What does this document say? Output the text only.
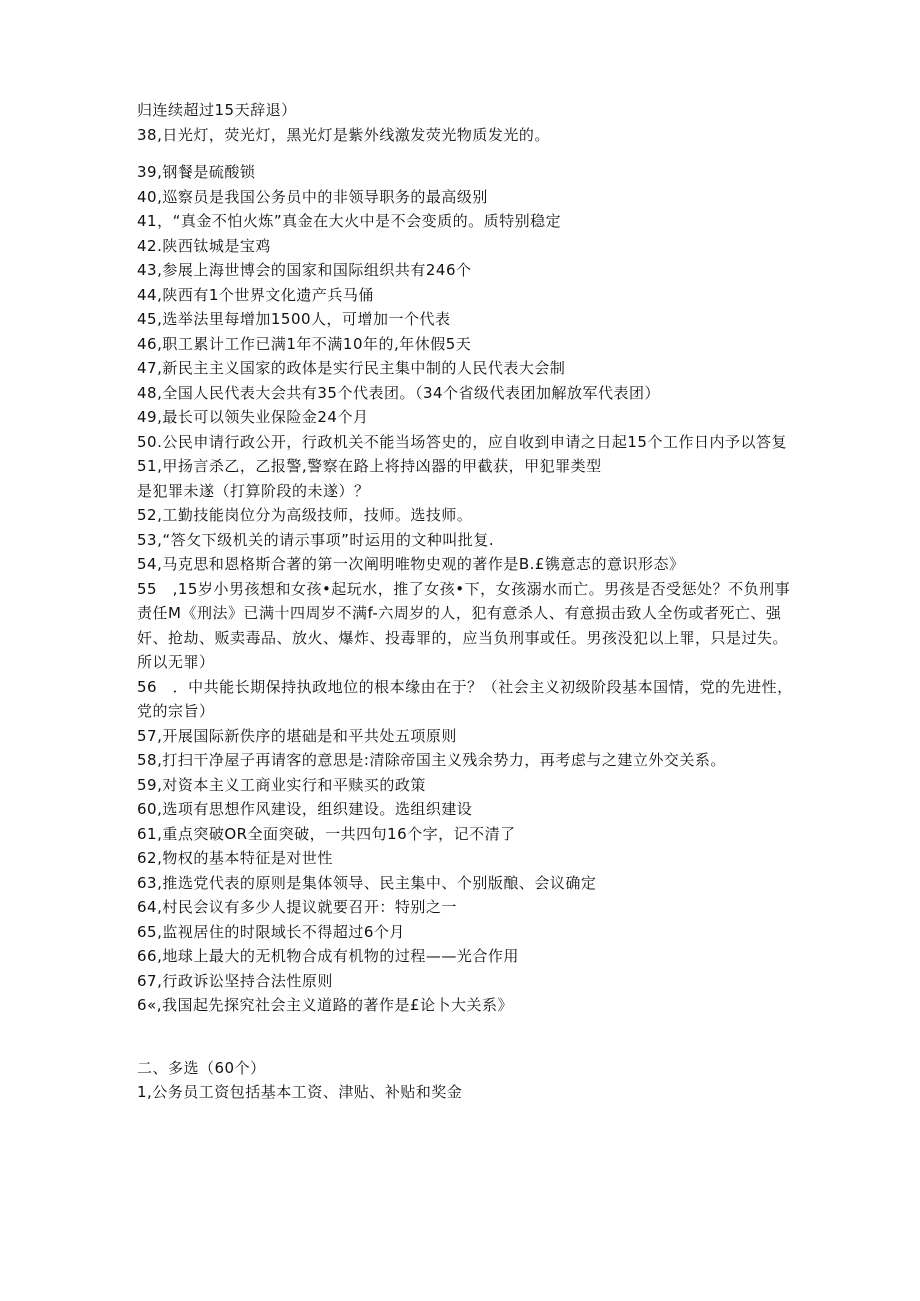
归连续超过15天辞退）
38,日光灯，荧光灯，黑光灯是紫外线激发荧光物质发光的。
39,钢餐是硫酸锁
40,巡察员是我国公务员中的非领导职务的最高级别
41，“真金不怕火炼”真金在大火中是不会变质的。质特别稳定
42.陕西钛城是宝鸡
43,参展上海世博会的国家和国际组织共有246个
44,陕西有1个世界文化遗产兵马俑
45,选举法里每增加1500人，可增加一个代表
46,职工累计工作已满1年不满10年的,年休假5天
47,新民主主义国家的政体是实行民主集中制的人民代表大会制
48,全国人民代表大会共有35个代表团。（34个省级代表团加解放军代表团）
49,最长可以领失业保险金24个月
50.公民申请行政公开，行政机关不能当场答史的，应自收到申请之日起15个工作日内予以答复
51,甲扬言杀乙，乙报警,警察在路上将持凶器的甲截获，甲犯罪类型
是犯罪未遂（打算阶段的未遂）？
52,工勤技能岗位分为高级技师，技师。选技师。
53,“答攵下级机关的请示事项”时运用的文种叫批复.
54,马克思和恩格斯合著的第一次阐明唯物史观的著作是B.£镌意志的意识形态》
55　,15岁小男孩想和女孩•起玩水，推了女孩•下，女孩溺水而亡。男孩是否受惩处？不负刑事责任M《刑法》已满十四周岁不满f-六周岁的人，犯有意杀人、有意损击致人全伤或者死亡、强奸、抢劫、贩卖毒品、放火、爆炸、投毒罪的，应当负刑事或任。男孩没犯以上罪，只是过失。所以无罪）
56　．中共能长期保持执政地位的根本缘由在于？（社会主义初级阶段基本国情，党的先进性，党的宗旨）
57,开展国际新佚序的堪础是和平共处五项原则
58,打扫干净屋子再请客的意思是:清除帝国主义残余势力，再考虑与之建立外交关系。
59,对资本主义工商业实行和平赎买的政策
60,选项有思想作风建设，组织建设。选组织建设
61,重点突破OR全面突破，一共四句16个字，记不清了
62,物权的基本特征是对世性
63,推选党代表的原则是集体领导、民主集中、个别版酿、会议确定
64,村民会议有多少人提议就要召开：特别之一
65,监视居住的时限域长不得超过6个月
66,地球上最大的无机物合成有机物的过程——光合作用
67,行政诉讼坚持合法性原则
6«,我国起先探究社会主义道路的著作是£论卜大关系》
二、多选（60个）
1,公务员工资包括基本工资、津贴、补贴和奖金
